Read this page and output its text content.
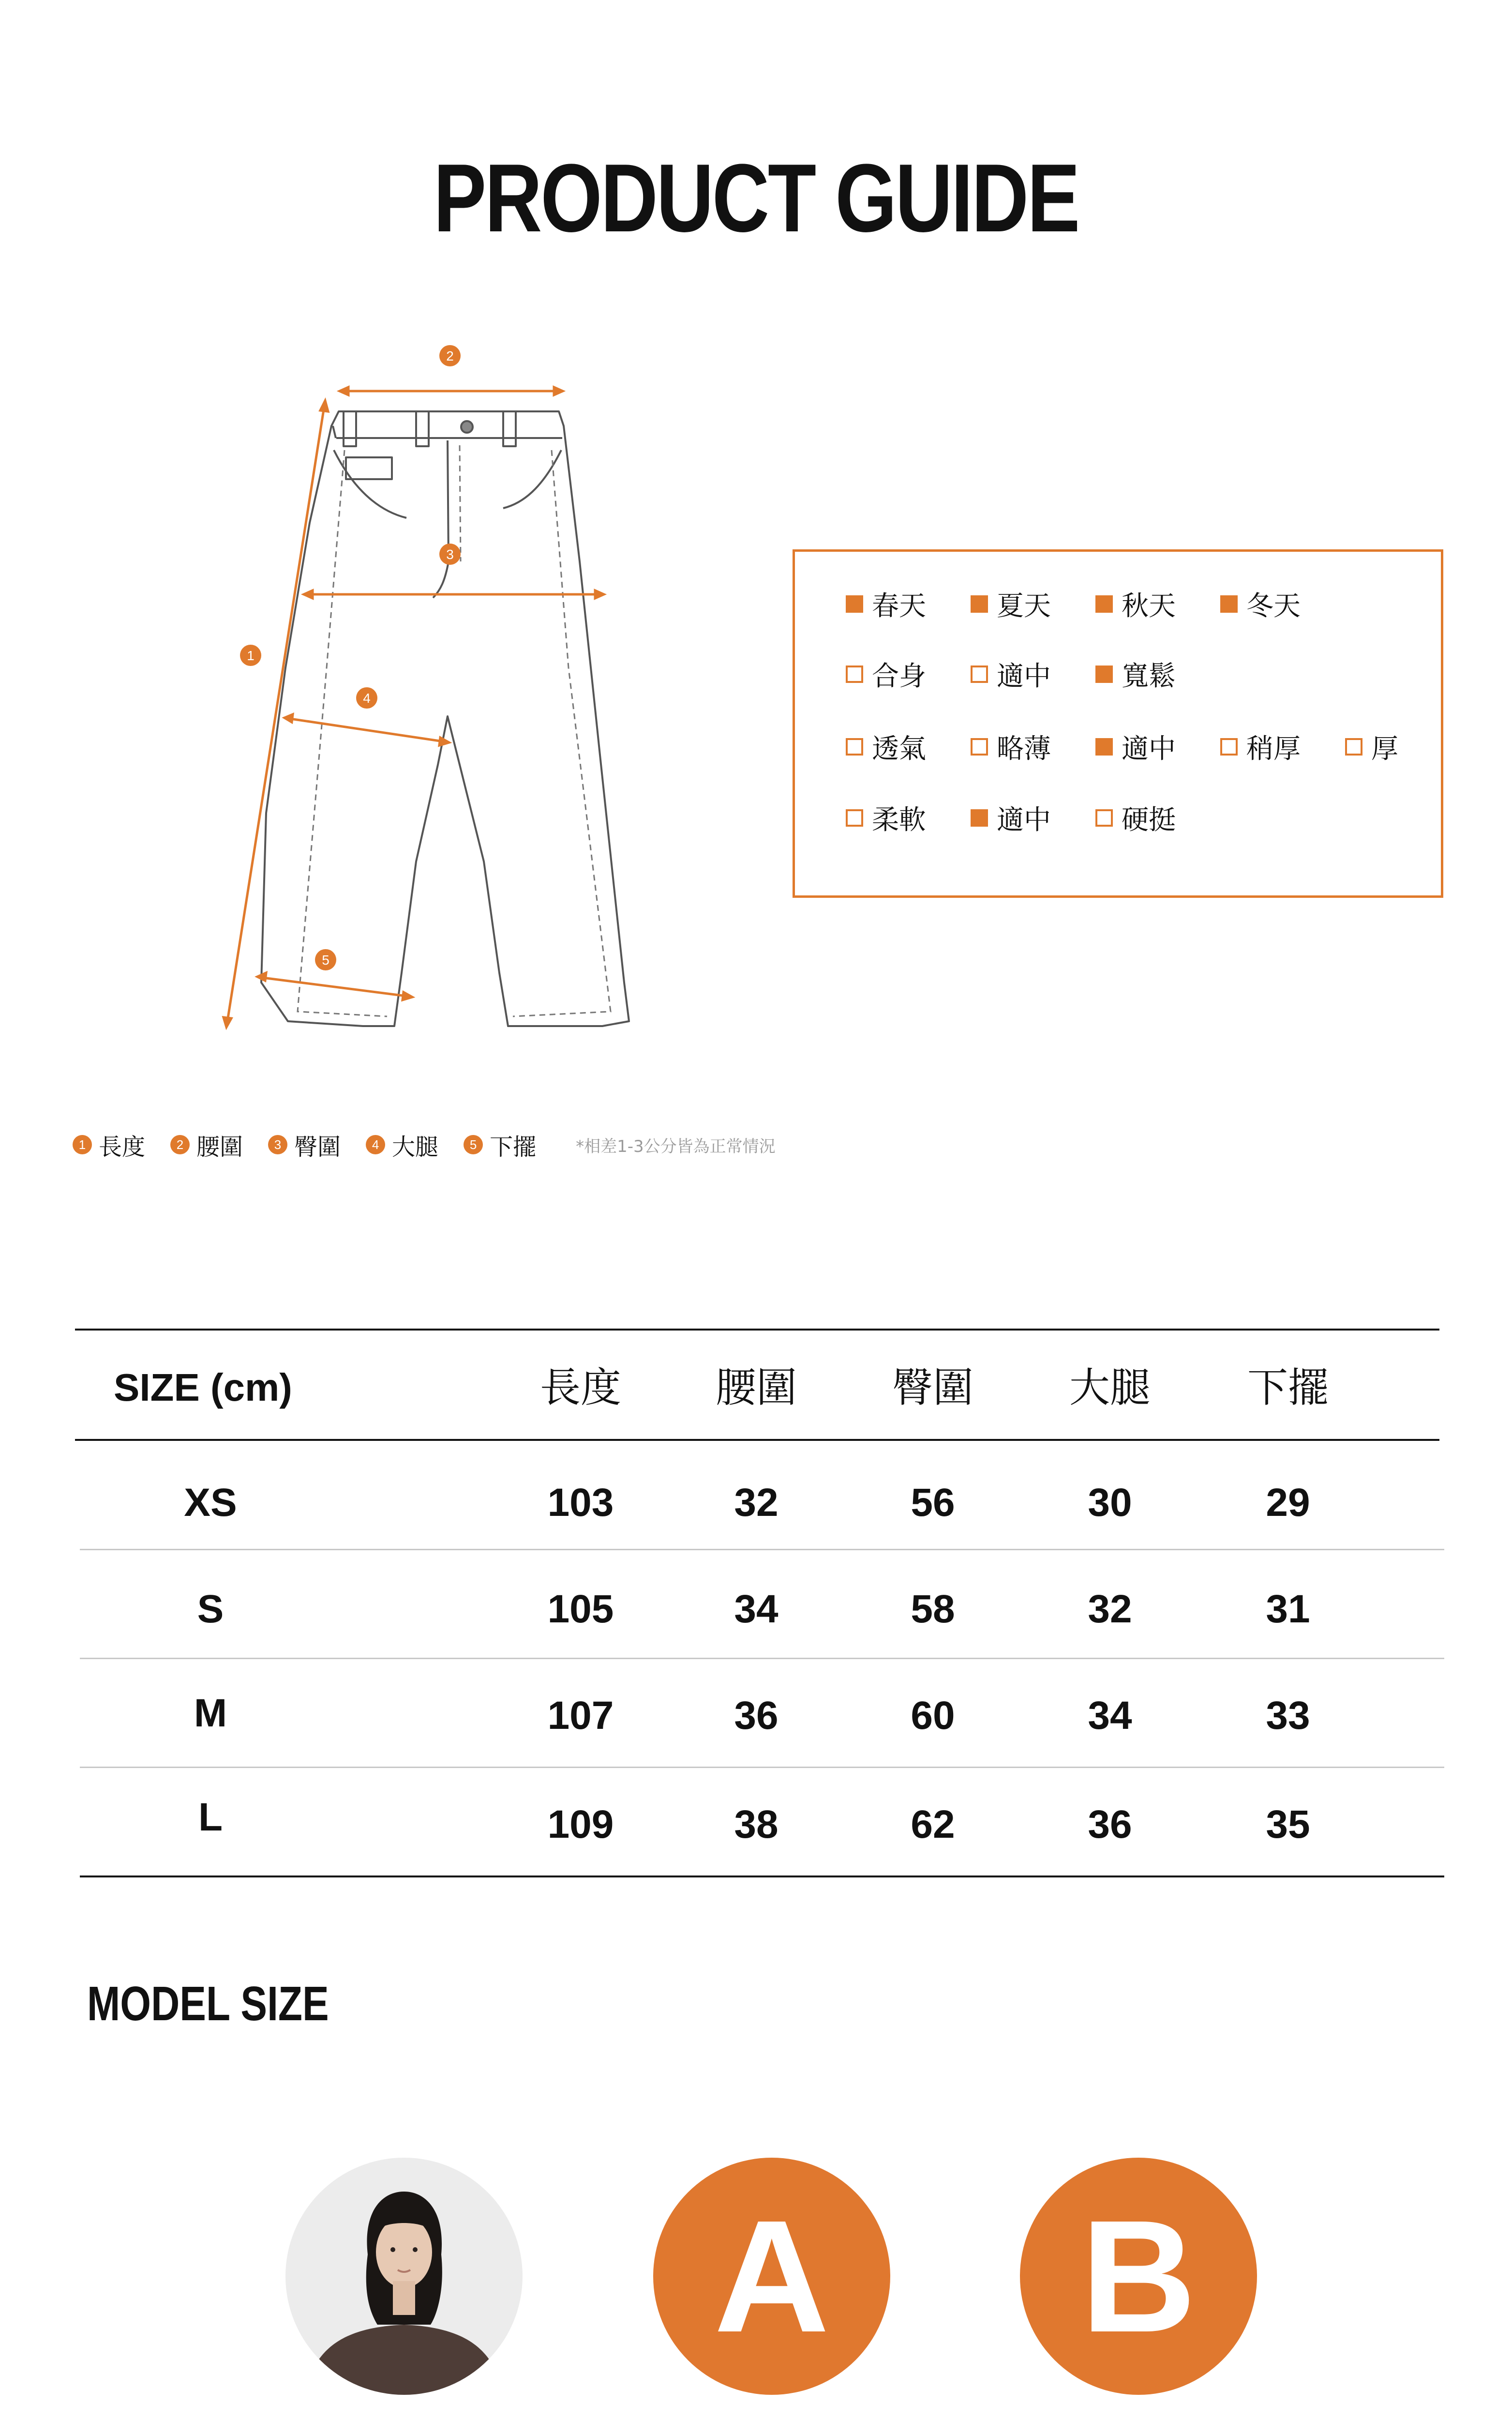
PRODUCT GUIDE
2
3
1
4
5
春天	夏天	秋天	冬天
合身	適中	寬鬆
透氣	略薄	適中	稍厚	厚
柔軟	適中	硬挺
1 長度	2 腰圍	3 臀圍	4 大腿	5 下擺 *相差1-3公分皆為正常情況
SIZE (cm)	長度	腰圍	臀圍	大腿	下擺
XS	103	32	56	30	29
S	105	34	58	32	31
M	107	36	60	34	33
L	109	38	62	36	35
MODEL SIZE
A	B
